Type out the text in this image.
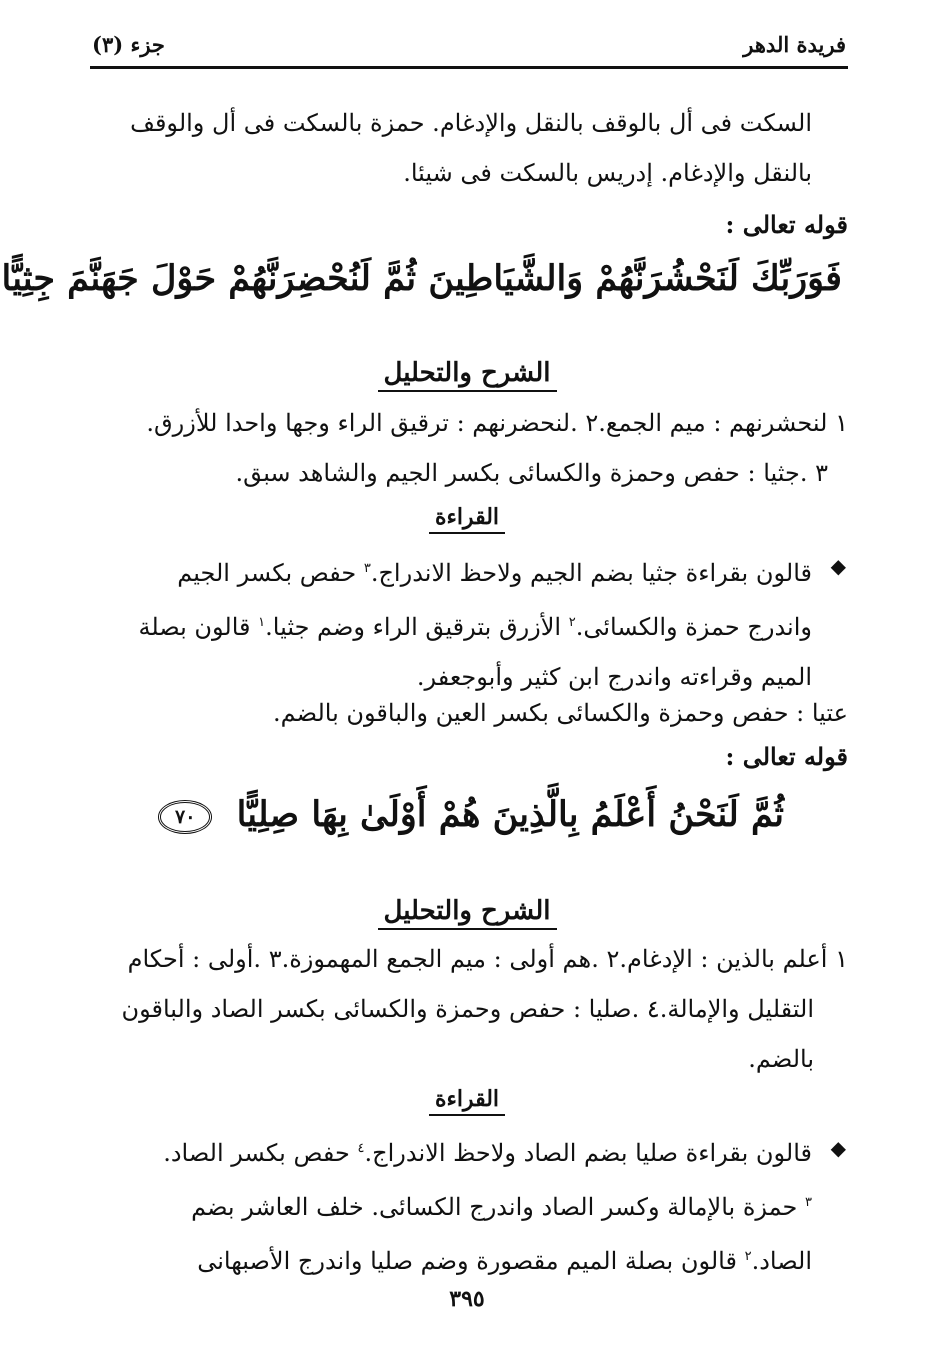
فريدة الدهر
جزء (٣)
السكت فى أل بالوقف بالنقل والإدغام. حمزة بالسكت فى أل والوقف
بالنقل والإدغام. إدريس بالسكت فى شيئا.
قوله تعالى :
فَوَرَبِّكَ لَنَحْشُرَنَّهُمْ وَالشَّيَاطِينَ ثُمَّ لَنُحْضِرَنَّهُمْ حَوْلَ جَهَنَّمَ جِثِيًّا
الشرح والتحليل
١ لنحشرنهم : ميم الجمع.٢ .لنحضرنهم : ترقيق الراء وجها واحدا للأزرق.
٣ .جثيا : حفص وحمزة والكسائى بكسر الجيم والشاهد سبق.
القراءة
◆
قالون بقراءة جثيا بضم الجيم ولاحظ الاندراج.$^٣$ حفص بكسر الجيم
واندرج حمزة والكسائى.$^٢$ الأزرق بترقيق الراء وضم جثيا.$^١$ قالون بصلة
الميم وقراءته واندرج ابن كثير وأبوجعفر.
عتيا : حفص وحمزة والكسائى بكسر العين والباقون بالضم.
قوله تعالى :
ثُمَّ لَنَحْنُ أَعْلَمُ بِالَّذِينَ هُمْ أَوْلَىٰ بِهَا صِلِيًّا ٧٠
الشرح والتحليل
١ أعلم بالذين : الإدغام.٢ .هم أولى : ميم الجمع المهموزة.٣ .أولى : أحكام
التقليل والإمالة.٤ .صليا : حفص وحمزة والكسائى بكسر الصاد والباقون
بالضم.
القراءة
◆
قالون بقراءة صليا بضم الصاد ولاحظ الاندراج.$^٤$ حفص بكسر الصاد.
$^٣$ حمزة بالإمالة وكسر الصاد واندرج الكسائى. خلف العاشر بضم
الصاد.$^٢$ قالون بصلة الميم مقصورة وضم صليا واندرج الأصبهانى
٣٩٥
